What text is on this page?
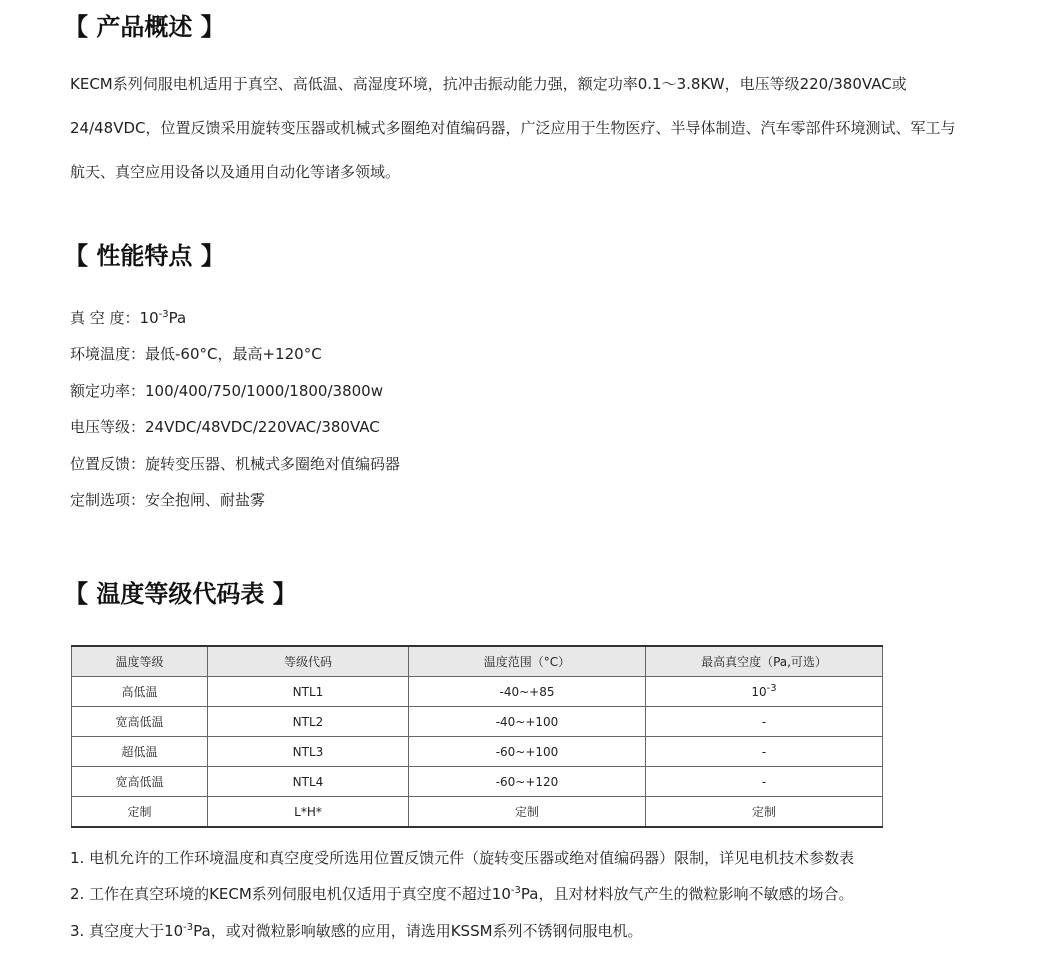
【 产品概述 】

KECM系列伺服电机适用于真空、高低温、高湿度环境，抗冲击振动能力强，额定功率0.1～3.8KW，电压等级220/380VAC或24/48VDC，位置反馈采用旋转变压器或机械式多圈绝对值编码器，广泛应用于生物医疗、半导体制造、汽车零部件环境测试、军工与航天、真空应用设备以及通用自动化等诸多领域。

【 性能特点 】
真 空 度：$10^{-3}Pa$
环境温度：最低-60°C，最高+120°C
额定功率：100/400/750/1000/1800/3800w
电压等级：24VDC/48VDC/220VAC/380VAC
位置反馈：旋转变压器、机械式多圈绝对值编码器
定制选项：安全抱闸、耐盐雾
【 温度等级代码表 】
温度等级	等级代码	温度范围（°C）	最高真空度（Pa,可选）
高低温	NTL1	-40~+85	$10^{-3}$
宽高低温	NTL2	-40~+100	-
超低温	NTL3	-60~+100	-
宽高低温	NTL4	-60~+120	-
定制	L*H*	定制	定制
1. 电机允许的工作环境温度和真空度受所选用位置反馈元件（旋转变压器或绝对值编码器）限制，详见电机技术参数表
2. 工作在真空环境的KECM系列伺服电机仅适用于真空度不超过$10^{-3}Pa$，且对材料放气产生的微粒影响不敏感的场合。
3. 真空度大于$10^{-3}Pa$，或对微粒影响敏感的应用，请选用KSSM系列不锈钢伺服电机。
